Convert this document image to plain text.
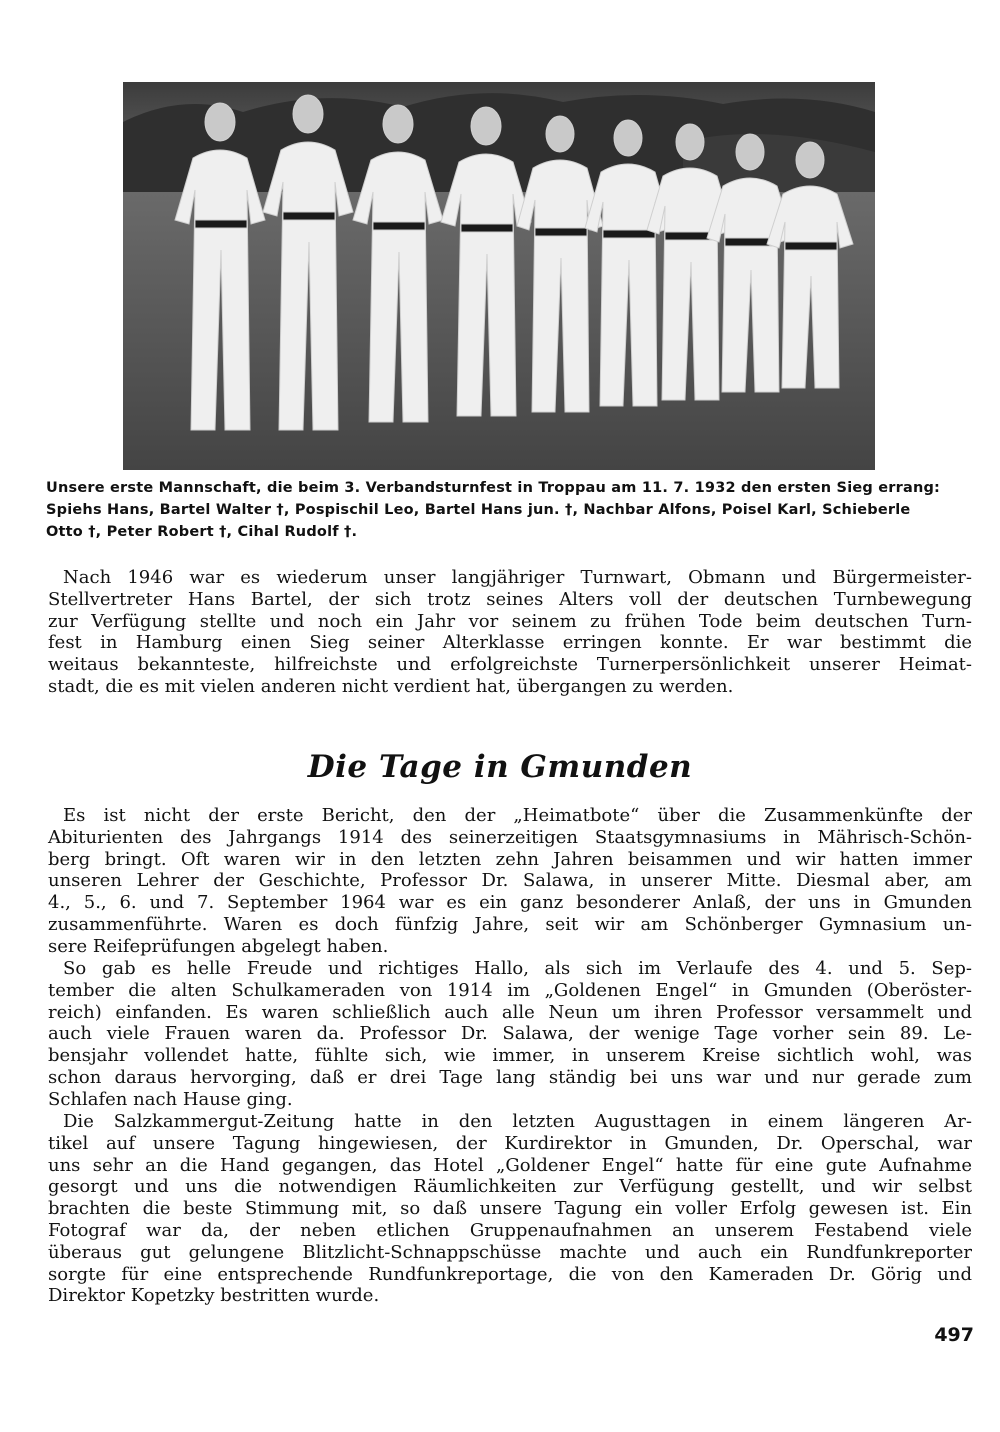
Unsere erste Mannschaft, die beim 3. Verbandsturnfest in Troppau am 11. 7. 1932 den ersten Sieg errang:
Spiehs Hans, Bartel Walter †, Pospischil Leo, Bartel Hans jun. †, Nachbar Alfons, Poisel Karl, Schieberle
Otto †, Peter Robert †, Cihal Rudolf †.

Nach 1946 war es wiederum unser langjähriger Turnwart, Obmann und Bürgermeister-
Stellvertreter Hans Bartel, der sich trotz seines Alters voll der deutschen Turnbewegung
zur Verfügung stellte und noch ein Jahr vor seinem zu frühen Tode beim deutschen Turn-
fest in Hamburg einen Sieg seiner Alterklasse erringen konnte. Er war bestimmt die
weitaus bekannteste, hilfreichste und erfolgreichste Turnerpersönlichkeit unserer Heimat-
stadt, die es mit vielen anderen nicht verdient hat, übergangen zu werden.

Die Tage in Gmunden

Es ist nicht der erste Bericht, den der „Heimatbote“ über die Zusammenkünfte der
Abiturienten des Jahrgangs 1914 des seinerzeitigen Staatsgymnasiums in Mährisch-Schön-
berg bringt. Oft waren wir in den letzten zehn Jahren beisammen und wir hatten immer
unseren Lehrer der Geschichte, Professor Dr. Salawa, in unserer Mitte. Diesmal aber, am
4., 5., 6. und 7. September 1964 war es ein ganz besonderer Anlaß, der uns in Gmunden
zusammenführte. Waren es doch fünfzig Jahre, seit wir am Schönberger Gymnasium un-
sere Reifeprüfungen abgelegt haben.

So gab es helle Freude und richtiges Hallo, als sich im Verlaufe des 4. und 5. Sep-
tember die alten Schulkameraden von 1914 im „Goldenen Engel“ in Gmunden (Oberöster-
reich) einfanden. Es waren schließlich auch alle Neun um ihren Professor versammelt und
auch viele Frauen waren da. Professor Dr. Salawa, der wenige Tage vorher sein 89. Le-
bensjahr vollendet hatte, fühlte sich, wie immer, in unserem Kreise sichtlich wohl, was
schon daraus hervorging, daß er drei Tage lang ständig bei uns war und nur gerade zum
Schlafen nach Hause ging.

Die Salzkammergut-Zeitung hatte in den letzten Augusttagen in einem längeren Ar-
tikel auf unsere Tagung hingewiesen, der Kurdirektor in Gmunden, Dr. Operschal, war
uns sehr an die Hand gegangen, das Hotel „Goldener Engel“ hatte für eine gute Aufnahme
gesorgt und uns die notwendigen Räumlichkeiten zur Verfügung gestellt, und wir selbst
brachten die beste Stimmung mit, so daß unsere Tagung ein voller Erfolg gewesen ist. Ein
Fotograf war da, der neben etlichen Gruppenaufnahmen an unserem Festabend viele
überaus gut gelungene Blitzlicht-Schnappschüsse machte und auch ein Rundfunkreporter
sorgte für eine entsprechende Rundfunkreportage, die von den Kameraden Dr. Görig und
Direktor Kopetzky bestritten wurde.

497
